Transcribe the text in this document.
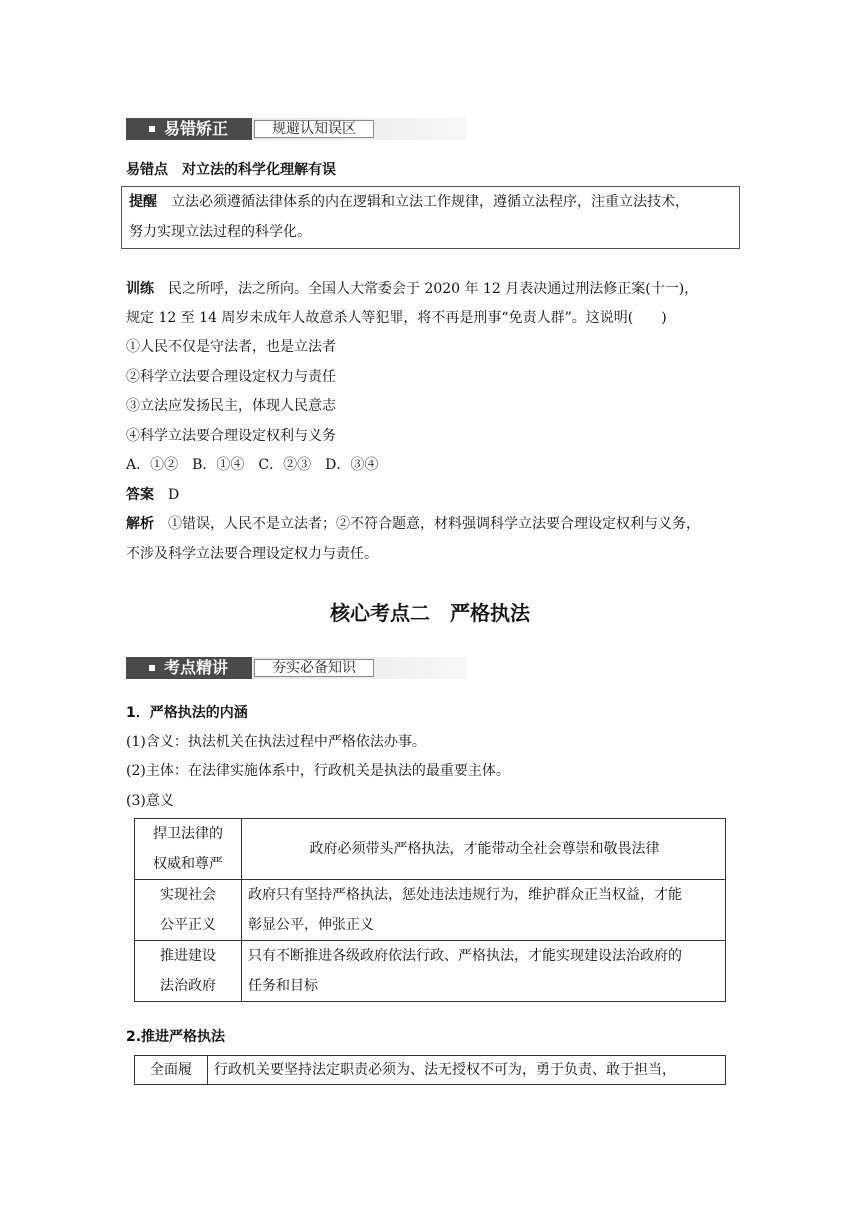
易错矫正	规避认知误区
易错点　 对立法的科学化理解有误
提醒　 立法必须遵循法律体系的内在逻辑和立法工作规律，遵循立法程序，注重立法技术，
努力实现立法过程的科学化。
训练　 民之所呼，法之所向。全国人大常委会于 2020 年 12 月表决通过刑法修正案(十一)，
规定 12 至 14 周岁未成年人故意杀人等犯罪，将不再是刑事“免责人群”。这说明(　　)
①人民不仅是守法者，也是立法者
②科学立法要合理设定权力与责任
③立法应发扬民主，体现人民意志
④科学立法要合理设定权利与义务
A．①②　B．①④　C．②③　D．③④
答案　 D
解析　 ①错误，人民不是立法者；②不符合题意，材料强调科学立法要合理设定权利与义务，
不涉及科学立法要合理设定权力与责任。
核心考点二　严格执法
考点精讲	夯实必备知识
1．严格执法的内涵
(1)含义：执法机关在执法过程中严格依法办事。
(2)主体：在法律实施体系中，行政机关是执法的最重要主体。
(3)意义
捍卫法律的
权威和尊严	政府必须带头严格执法，才能带动全社会尊崇和敬畏法律
实现社会
公平正义	政府只有坚持严格执法，惩处违法违规行为，维护群众正当权益，才能
彰显公平，伸张正义
推进建设
法治政府	只有不断推进各级政府依法行政、严格执法，才能实现建设法治政府的
任务和目标
2.推进严格执法
全面履	行政机关要坚持法定职责必须为、法无授权不可为，勇于负责、敢于担当，
